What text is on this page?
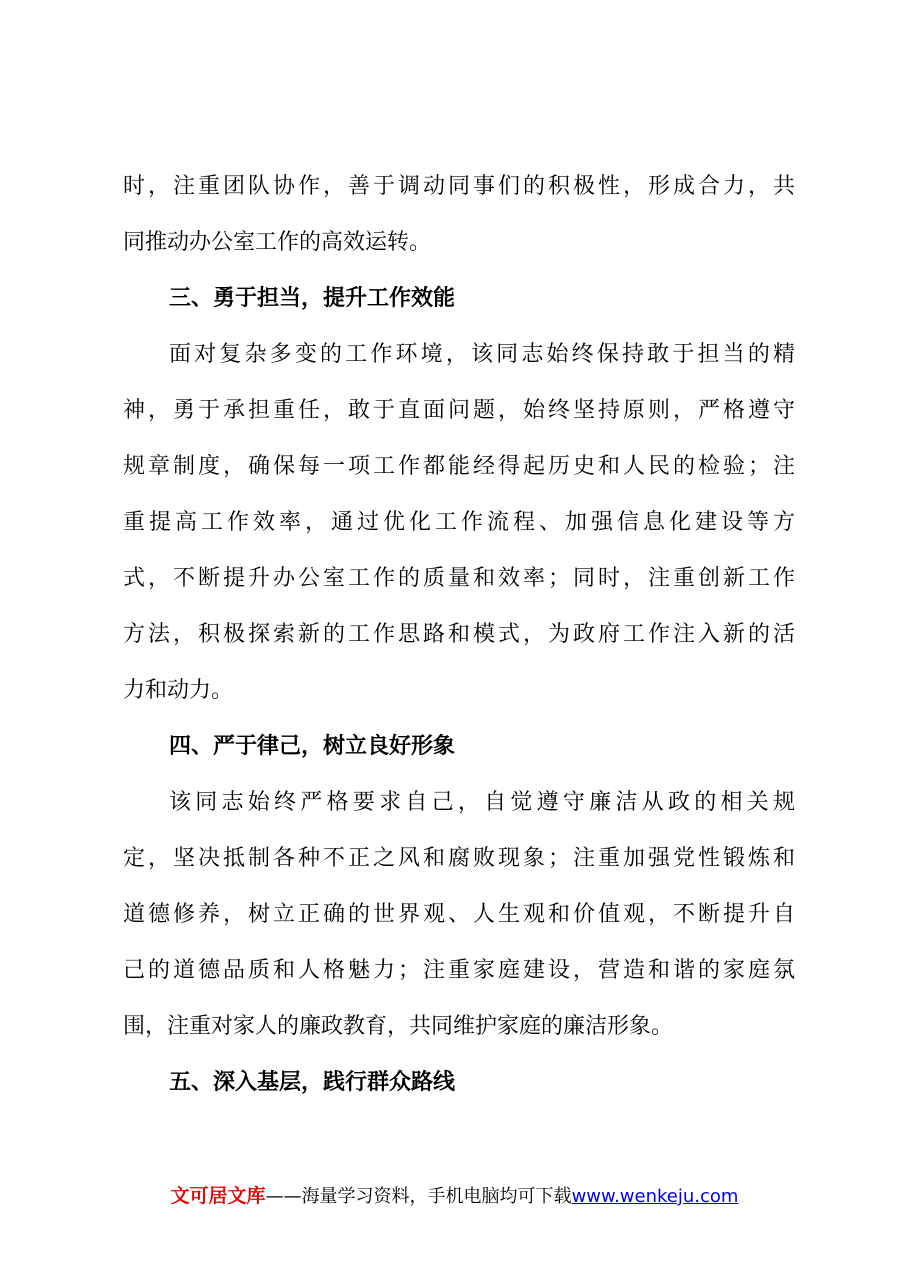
时，注重团队协作，善于调动同事们的积极性，形成合力，共
同推动办公室工作的高效运转。
三、勇于担当，提升工作效能
面对复杂多变的工作环境，该同志始终保持敢于担当的精
神，勇于承担重任，敢于直面问题，始终坚持原则，严格遵守
规章制度，确保每一项工作都能经得起历史和人民的检验；注
重提高工作效率，通过优化工作流程、加强信息化建设等方
式，不断提升办公室工作的质量和效率；同时，注重创新工作
方法，积极探索新的工作思路和模式，为政府工作注入新的活
力和动力。
四、严于律己，树立良好形象
该同志始终严格要求自己，自觉遵守廉洁从政的相关规
定，坚决抵制各种不正之风和腐败现象；注重加强党性锻炼和
道德修养，树立正确的世界观、人生观和价值观，不断提升自
己的道德品质和人格魅力；注重家庭建设，营造和谐的家庭氛
围，注重对家人的廉政教育，共同维护家庭的廉洁形象。
五、深入基层，践行群众路线
文可居文库——海量学习资料，手机电脑均可下载www.wenkeju.com
